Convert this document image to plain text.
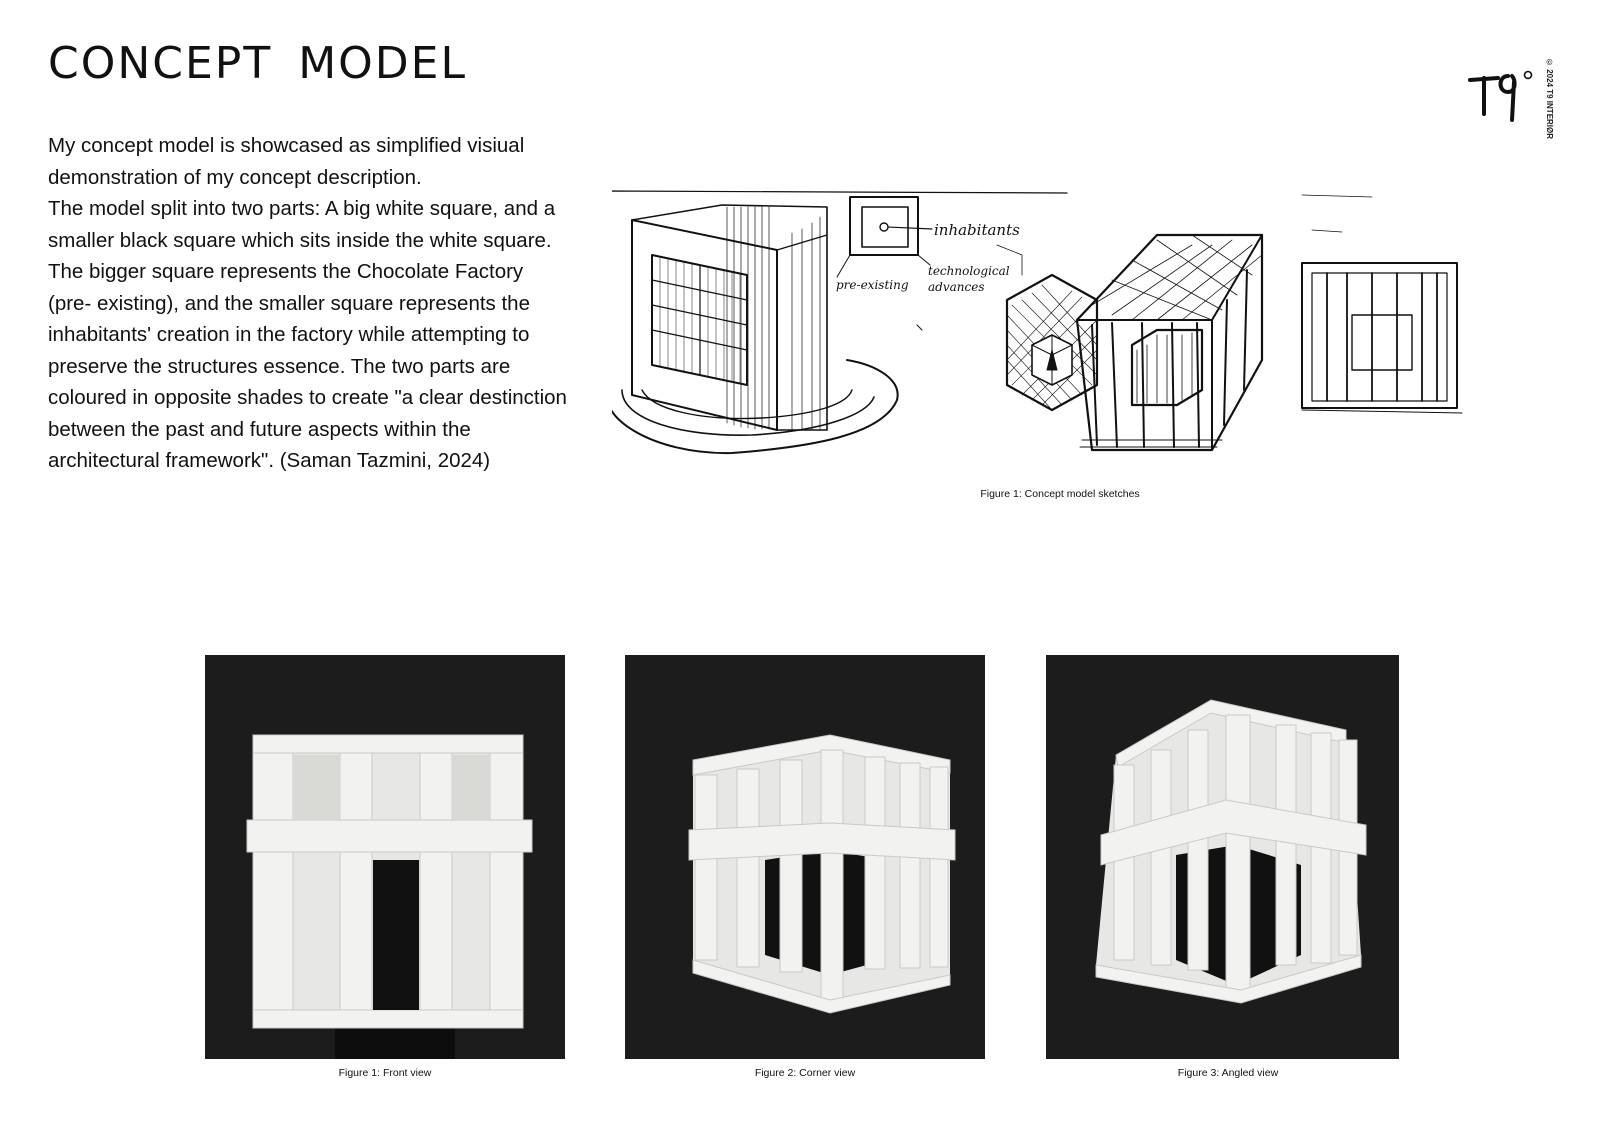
CONCEPT MODEL

My concept model is showcased as simplified visiual demonstration of my concept description.

The model split into two parts: A big white square, and a smaller black square which sits inside the white square. The bigger square represents the Chocolate Factory

(pre- existing), and the smaller square represents the inhabitants' creation in the factory while attempting to preserve the structures essence. The two parts are coloured in opposite shades to create "a clear destinction between the past and future aspects within the architectural framework". (Saman Tazmini, 2024)

© 2024 T9 INTERIØR
inhabitants
pre-existing
technological
advances
Figure 1: Concept model sketches
Figure 1: Front view	Figure 2: Corner view	Figure 3: Angled view
